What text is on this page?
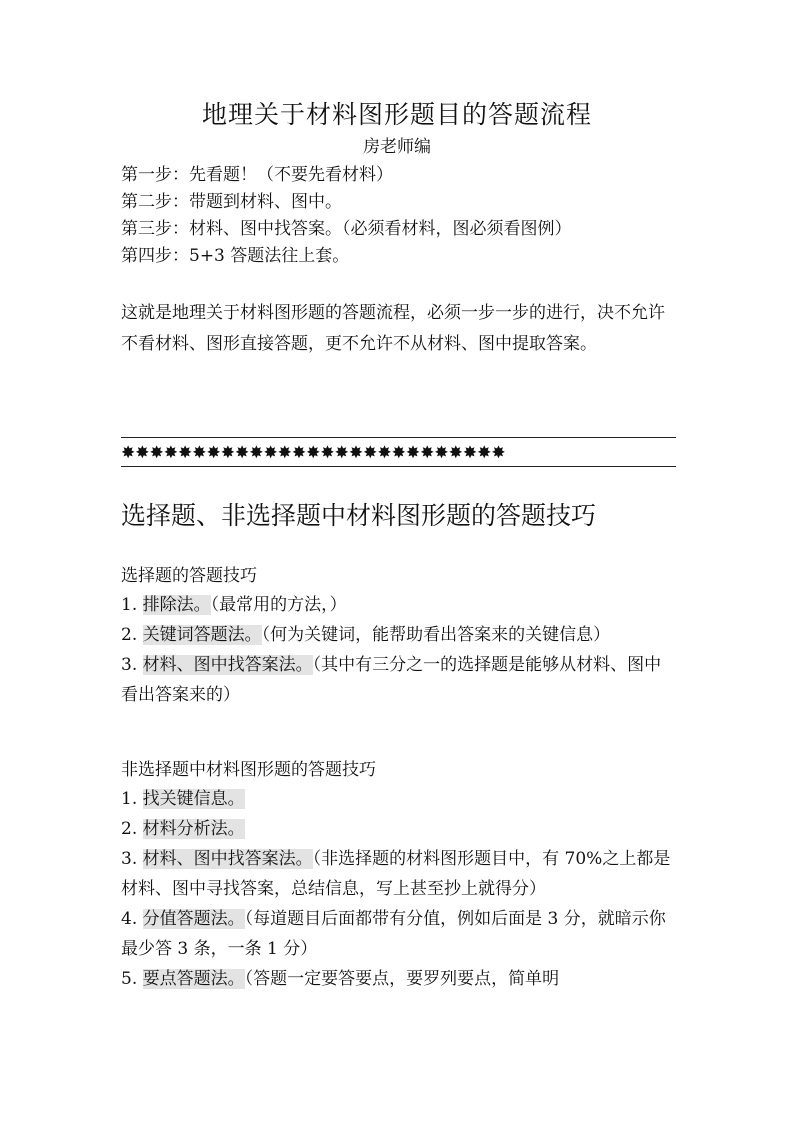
地理关于材料图形题目的答题流程
房老师编
第一步：先看题！（不要先看材料）
第二步：带题到材料、图中。
第三步：材料、图中找答案。（必须看材料，图必须看图例）
第四步：5+3 答题法往上套。
这就是地理关于材料图形题的答题流程，必须一步一步的进行，决不允许不看材料、图形直接答题，更不允许不从材料、图中提取答案。
✸✸✸✸✸✸✸✸✸✸✸✸✸✸✸✸✸✸✸✸✸✸✸✸✸✸✸
选择题、非选择题中材料图形题的答题技巧
选择题的答题技巧
1. 排除法。（最常用的方法，）
2. 关键词答题法。（何为关键词，能帮助看出答案来的关键信息）
3. 材料、图中找答案法。（其中有三分之一的选择题是能够从材料、图中看出答案来的）
非选择题中材料图形题的答题技巧
1. 找关键信息。
2. 材料分析法。
3. 材料、图中找答案法。（非选择题的材料图形题目中，有 70%之上都是材料、图中寻找答案，总结信息，写上甚至抄上就得分）
4. 分值答题法。（每道题目后面都带有分值，例如后面是 3 分，就暗示你最少答 3 条，一条 1 分）
5. 要点答题法。（答题一定要答要点，要罗列要点，简单明
